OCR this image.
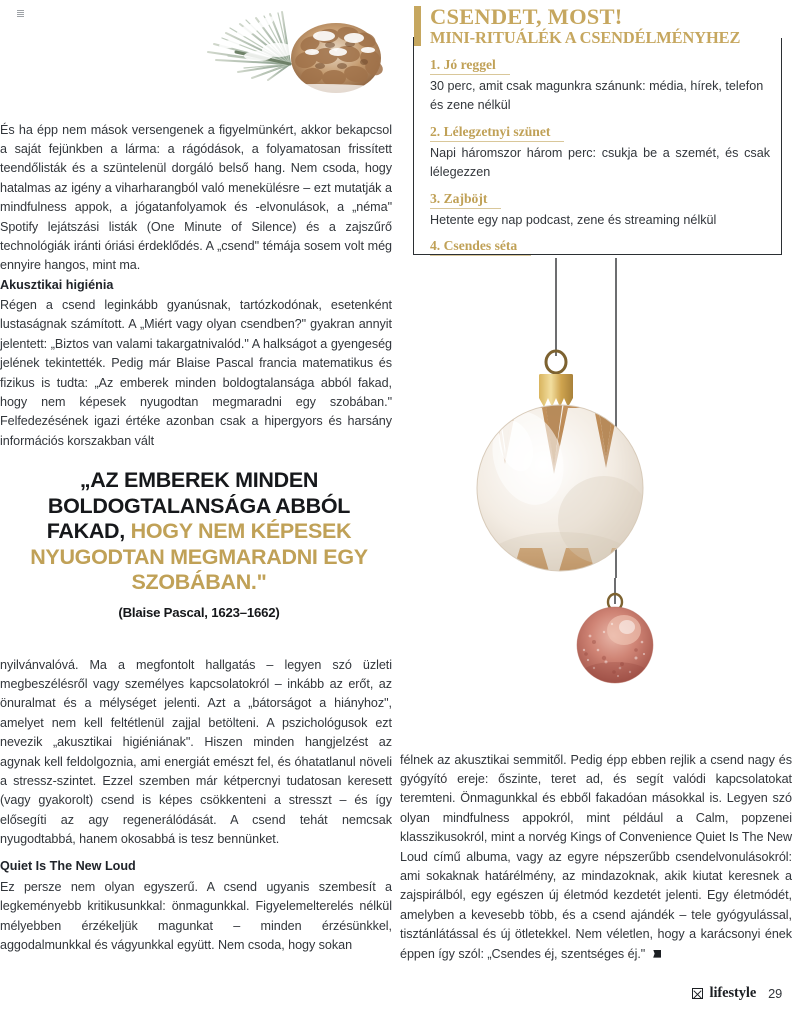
És ha épp nem mások versengenek a figyelmünkért, akkor bekapcsol a saját fejünkben a lárma: a rágódások, a folyamatosan frissített teendőlisták és a szüntelenül dorgáló belső hang. Nem csoda, hogy hatalmas az igény a viharharangból való menekülésre – ezt mutatják a mindfulness appok, a jógatanfolyamok és -elvonulások, a „néma" Spotify lejátszási listák (One Minute of Silence) és a zajszűrő technológiák iránti óriási érdeklődés. A „csend" témája sosem volt még ennyire hangos, mint ma.

Akusztikai higiénia

Régen a csend leginkább gyanúsnak, tartózkodónak, esetenként lustaságnak számított. A „Miért vagy olyan csendben?" gyakran annyit jelentett: „Biztos van valami takargatnivalód." A halkságot a gyengeség jelének tekintették. Pedig már Blaise Pascal francia matematikus és fizikus is tudta: „Az emberek minden boldogtalansága abból fakad, hogy nem képesek nyugodtan megmaradni egy szobában." Felfedezésének igazi értéke azonban csak a hipergyors és harsány információs korszakban vált

„AZ EMBEREK MINDEN BOLDOGTALANSÁGA ABBÓL FAKAD, HOGY NEM KÉPESEK NYUGODTAN MEGMARADNI EGY SZOBÁBAN."
(Blaise Pascal, 1623–1662)

nyilvánvalóvá. Ma a megfontolt hallgatás – legyen szó üzleti megbeszélésről vagy személyes kapcsolatokról – inkább az erőt, az önuralmat és a mélységet jelenti. Azt a „bátorságot a hiányhoz", amelyet nem kell feltétlenül zajjal betölteni. A pszichológusok ezt nevezik „akusztikai higiéniának". Hiszen minden hangjelzést az agynak kell feldolgoznia, ami energiát emészt fel, és óhatatlanul növeli a stressz-szintet. Ezzel szemben már kétpercnyi tudatosan keresett (vagy gyakorolt) csend is képes csökkenteni a stresszt – és így elősegíti az agy regenerálódását. A csend tehát nemcsak nyugodtabbá, hanem okosabbá is tesz bennünket.

Quiet Is The New Loud

Ez persze nem olyan egyszerű. A csend ugyanis szembesít a legkeményebb kritikusunkkal: önmagunkkal. Figyelemelterelés nélkül mélyebben érzékeljük magunkat – minden érzésünkkel, aggodalmunkkal és vágyunkkal együtt. Nem csoda, hogy sokan

CSENDET, MOST!
MINI-RITUÁLÉK A CSENDÉLMÉNYHEZ
1. Jó reggel
30 perc, amit csak magunkra szánunk: média, hírek, telefon és zene nélkül
2. Lélegzetnyi szünet
Napi háromszor három perc: csukja be a szemét, és csak lélegezzen
3. Zajböjt
Hetente egy nap podcast, zene és streaming nélkül
4. Csendes séta

félnek az akusztikai semmitől. Pedig épp ebben rejlik a csend nagy és gyógyító ereje: őszinte, teret ad, és segít valódi kapcsolatokat teremteni. Önmagunkkal és ebből fakadóan másokkal is. Legyen szó olyan mindfulness appokról, mint például a Calm, popzenei klasszikusokról, mint a norvég Kings of Convenience Quiet Is The New Loud című albuma, vagy az egyre népszerűbb csendelvonulásokról: ami sokaknak határélmény, az mindazoknak, akik kiutat keresnek a zajspirálból, egy egészen új életmód kezdetét jelenti. Egy életmódét, amelyben a kevesebb több, és a csend ajándék – tele gyógyulással, tisztánlátással és új ötletekkel. Nem véletlen, hogy a karácsonyi ének éppen így szól: „Csendes éj, szentséges éj."

lifestyle 29
